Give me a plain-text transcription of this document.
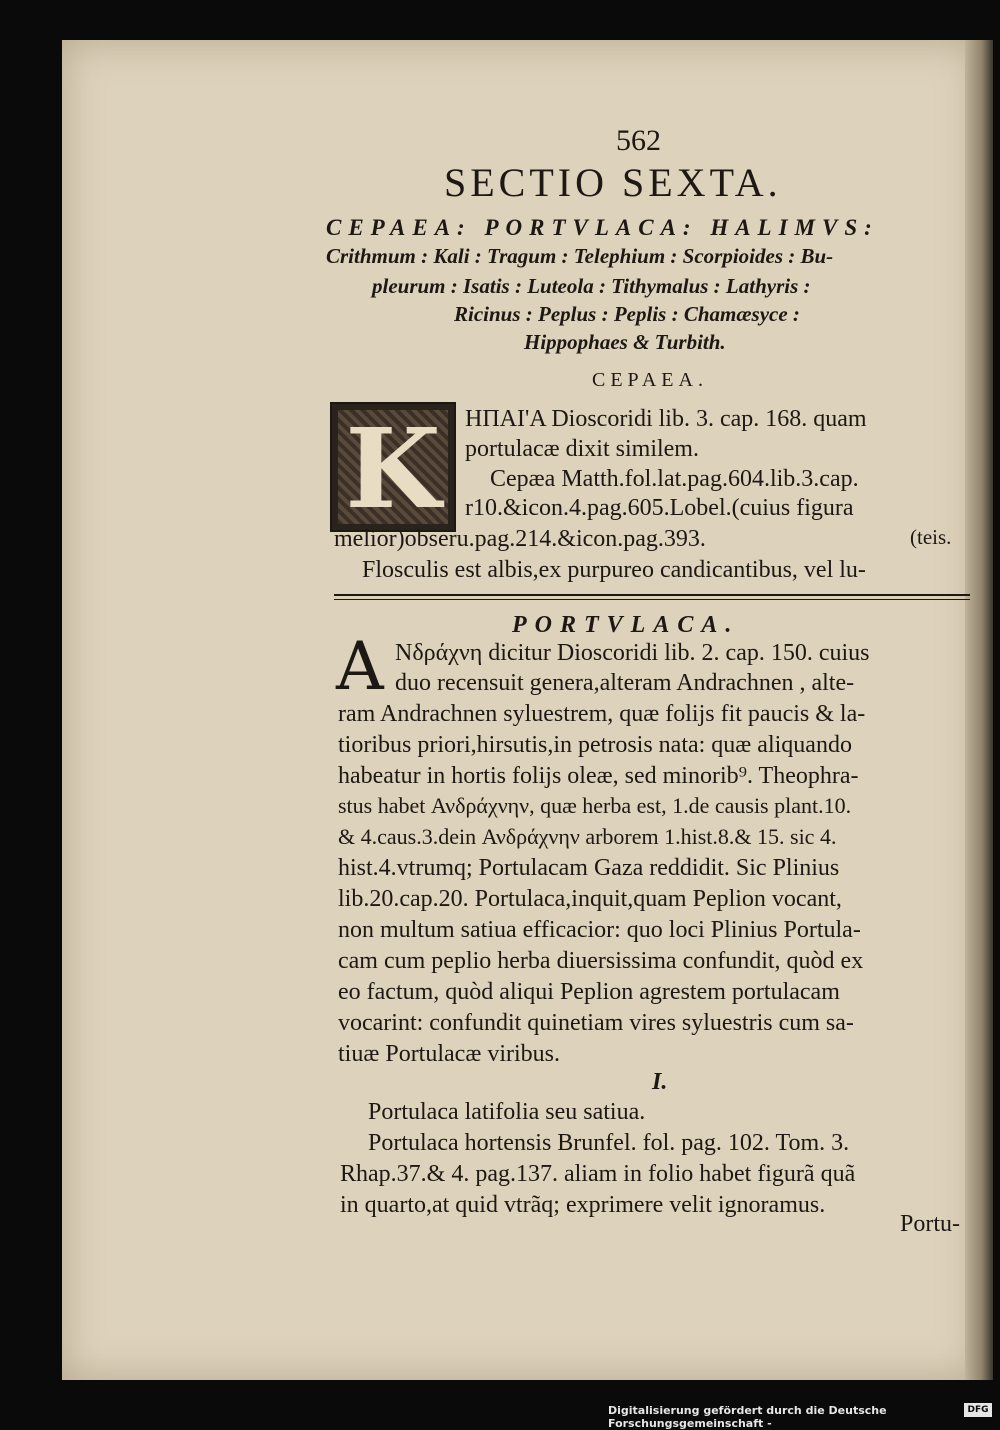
562
SECTIO SEXTA.
CEPAEA: PORTVLACA: HALIMVS:
Crithmum : Kali : Tragum : Telephium : Scorpioides : Bu-
pleurum : Isatis : Luteola : Tithymalus : Lathyris :
Ricinus : Peplus : Peplis : Chamæsyce :
Hippophaes & Turbith.
CEPAEA.
K	ΗΠΑΙ'Α Dioscoridi lib. 3. cap. 168. quam
portulacæ dixit similem.
Cepæa Matth.fol.lat.pag.604.lib.3.cap.
r10.&icon.4.pag.605.Lobel.(cuius figura
melior)obseru.pag.214.&icon.pag.393.	(teis.
Flosculis est albis,ex purpureo candicantibus, vel lu-
PORTVLACA.
A Νδράχνη dicitur Dioscoridi lib. 2. cap. 150. cuius
duo recensuit genera,alteram Andrachnen , alte-
ram Andrachnen syluestrem, quæ folijs fit paucis & la-
tioribus priori,hirsutis,in petrosis nata: quæ aliquando
habeatur in hortis folijs oleæ, sed minorib⁹. Theophra-
stus habet Ανδράχνην, quæ herba est, 1.de causis plant.10.
& 4.caus.3.dein Ανδράχνην arborem 1.hist.8.& 15. sic 4.
hist.4.vtrumq; Portulacam Gaza reddidit. Sic Plinius
lib.20.cap.20. Portulaca,inquit,quam Peplion vocant,
non multum satiua efficacior: quo loci Plinius Portula-
cam cum peplio herba diuersissima confundit, quòd ex
eo factum, quòd aliqui Peplion agrestem portulacam
vocarint: confundit quinetiam vires syluestris cum sa-
tiuæ Portulacæ viribus.
I.
Portulaca latifolia seu satiua.
Portulaca hortensis Brunfel. fol. pag. 102. Tom. 3.
Rhap.37.& 4. pag.137. aliam in folio habet figurã quã
in quarto,at quid vtrãq; exprimere velit ignoramus.
Portu-
Digitalisierung gefördert durch die Deutsche Forschungsgemeinschaft -
DFG
